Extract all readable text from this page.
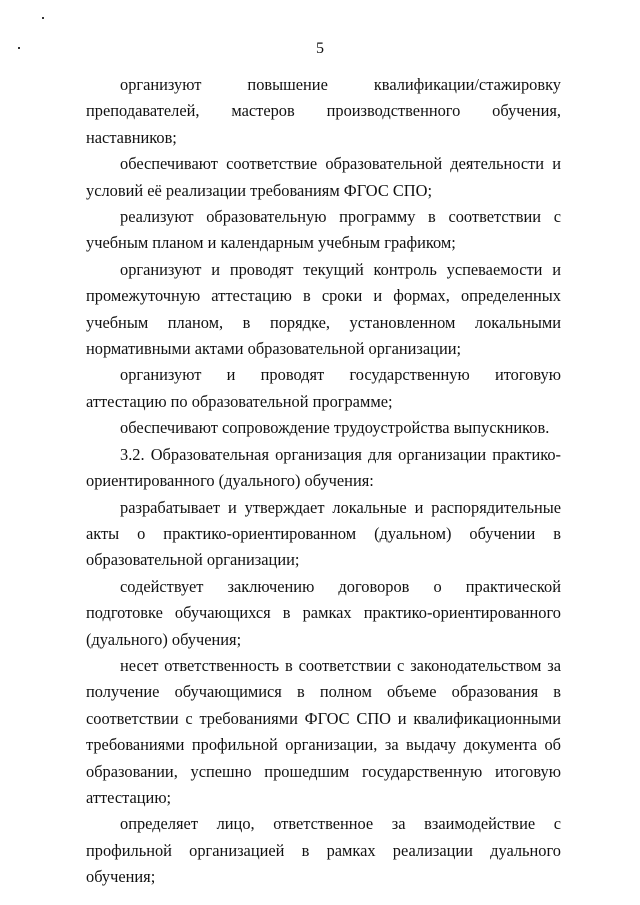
5

организуют повышение квалификации/стажировку

преподавателей, мастеров производственного обучения, наставников;

обеспечивают соответствие образовательной деятельности и условий её реализации требованиям ФГОС СПО;

реализуют образовательную программу в соответствии с учебным планом и календарным учебным графиком;

организуют и проводят текущий контроль успеваемости и промежуточную аттестацию в сроки и формах, определенных учебным планом, в порядке, установленном локальными нормативными актами образовательной организации;

организуют и проводят государственную итоговую аттестацию по образовательной программе;

обеспечивают сопровождение трудоустройства выпускников.

3.2. Образовательная организация для организации практико-ориентированного (дуального) обучения:

разрабатывает и утверждает локальные и распорядительные акты о практико-ориентированном (дуальном) обучении в образовательной организации;

содействует заключению договоров о практической подготовке обучающихся в рамках практико-ориентированного (дуального) обучения;

несет ответственность в соответствии с законодательством за получение обучающимися в полном объеме образования в соответствии с требованиями ФГОС СПО и квалификационными требованиями профильной организации, за выдачу документа об образовании, успешно прошедшим государственную итоговую аттестацию;

определяет лицо, ответственное за взаимодействие с профильной организацией в рамках реализации дуального обучения;
